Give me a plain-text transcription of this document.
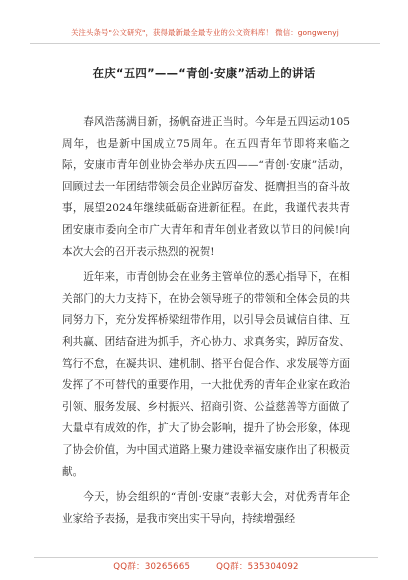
关注头条号"公文研究"，获得最新最全最专业的公文资料库！ 微信：gongwenyj
在庆“五四”——“青创·安康”活动上的讲话

春风浩荡满目新，扬帆奋进正当时。今年是五四运动105周年，也是新中国成立75周年。在五四青年节即将来临之际，安康市青年创业协会举办庆五四——“青创·安康”活动，回顾过去一年团结带领会员企业踔厉奋发、挺膺担当的奋斗故事，展望2024年继续砥砺奋进新征程。在此，我谨代表共青团安康市委向全市广大青年和青年创业者致以节日的问候!向本次大会的召开表示热烈的祝贺!

近年来，市青创协会在业务主管单位的悉心指导下，在相关部门的大力支持下，在协会领导班子的带领和全体会员的共同努力下，充分发挥桥梁纽带作用，以引导会员诚信自律、互利共赢、团结奋进为抓手，齐心协力、求真务实，踔厉奋发、笃行不怠，在凝共识、建机制、搭平台促合作、求发展等方面发挥了不可替代的重要作用，一大批优秀的青年企业家在政治引领、服务发展、乡村振兴、招商引资、公益慈善等方面做了大量卓有成效的作，扩大了协会影响，提升了协会形象，体现了协会价值，为中国式道路上聚力建设幸福安康作出了积极贡献。

今天，协会组织的“青创·安康”表彰大会，对优秀青年企业家给予表扬，是我市突出实干导向，持续增强经

QQ群：30265665	QQ群：535304092
